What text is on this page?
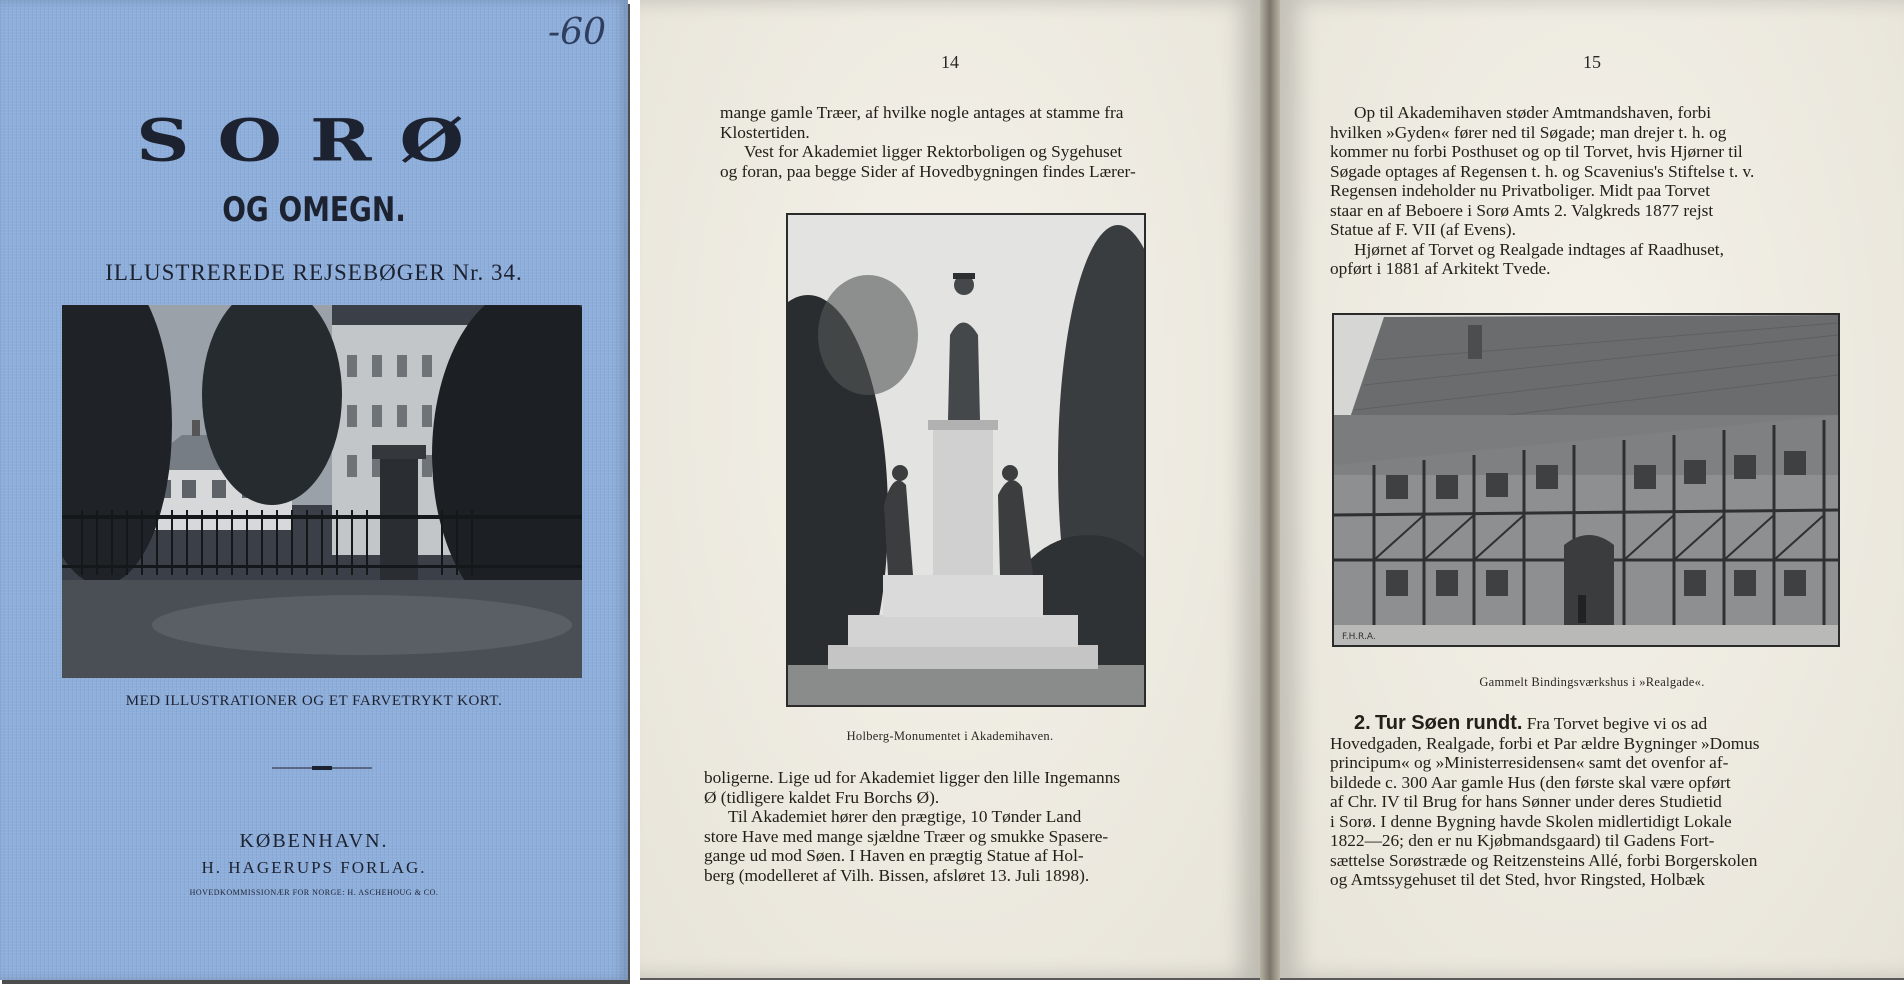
-60
SORØ
OG OMEGN.
ILLUSTREREDE REJSEBØGER Nr. 34.
MED ILLUSTRATIONER OG ET FARVETRYKT KORT.
KØBENHAVN.
H. HAGERUPS FORLAG.
HOVEDKOMMISSIONÆR FOR NORGE: H. ASCHEHOUG & CO.
14

mange gamle Træer, af hvilke nogle antages at stamme fra

Klostertiden.

Vest for Akademiet ligger Rektorboligen og Sygehuset

og foran, paa begge Sider af Hovedbygningen findes Lærer-

Holberg-Monumentet i Akademihaven.

boligerne. Lige ud for Akademiet ligger den lille Ingemanns

Ø (tidligere kaldet Fru Borchs Ø).

Til Akademiet hører den prægtige, 10 Tønder Land

store Have med mange sjældne Træer og smukke Spasere-

gange ud mod Søen. I Haven en prægtig Statue af Hol-

berg (modelleret af Vilh. Bissen, afsløret 13. Juli 1898).

15

Op til Akademihaven støder Amtmandshaven, forbi

hvilken »Gyden« fører ned til Søgade; man drejer t. h. og

kommer nu forbi Posthuset og op til Torvet, hvis Hjørner til

Søgade optages af Regensen t. h. og Scavenius's Stiftelse t. v.

Regensen indeholder nu Privatboliger. Midt paa Torvet

staar en af Beboere i Sorø Amts 2. Valgkreds 1877 rejst

Statue af F. VII (af Evens).

Hjørnet af Torvet og Realgade indtages af Raadhuset,

opført i 1881 af Arkitekt Tvede.

F.H.R.A.
Gammelt Bindingsværkshus i »Realgade«.

2. Tur Søen rundt. Fra Torvet begive vi os ad

Hovedgaden, Realgade, forbi et Par ældre Bygninger »Domus

principum« og »Ministerresidensen« samt det ovenfor af-

bildede c. 300 Aar gamle Hus (den første skal være opført

af Chr. IV til Brug for hans Sønner under deres Studietid

i Sorø. I denne Bygning havde Skolen midlertidigt Lokale

1822—26; den er nu Kjøbmandsgaard) til Gadens Fort-

sættelse Sorøstræde og Reitzensteins Allé, forbi Borgerskolen

og Amtssygehuset til det Sted, hvor Ringsted, Holbæk
